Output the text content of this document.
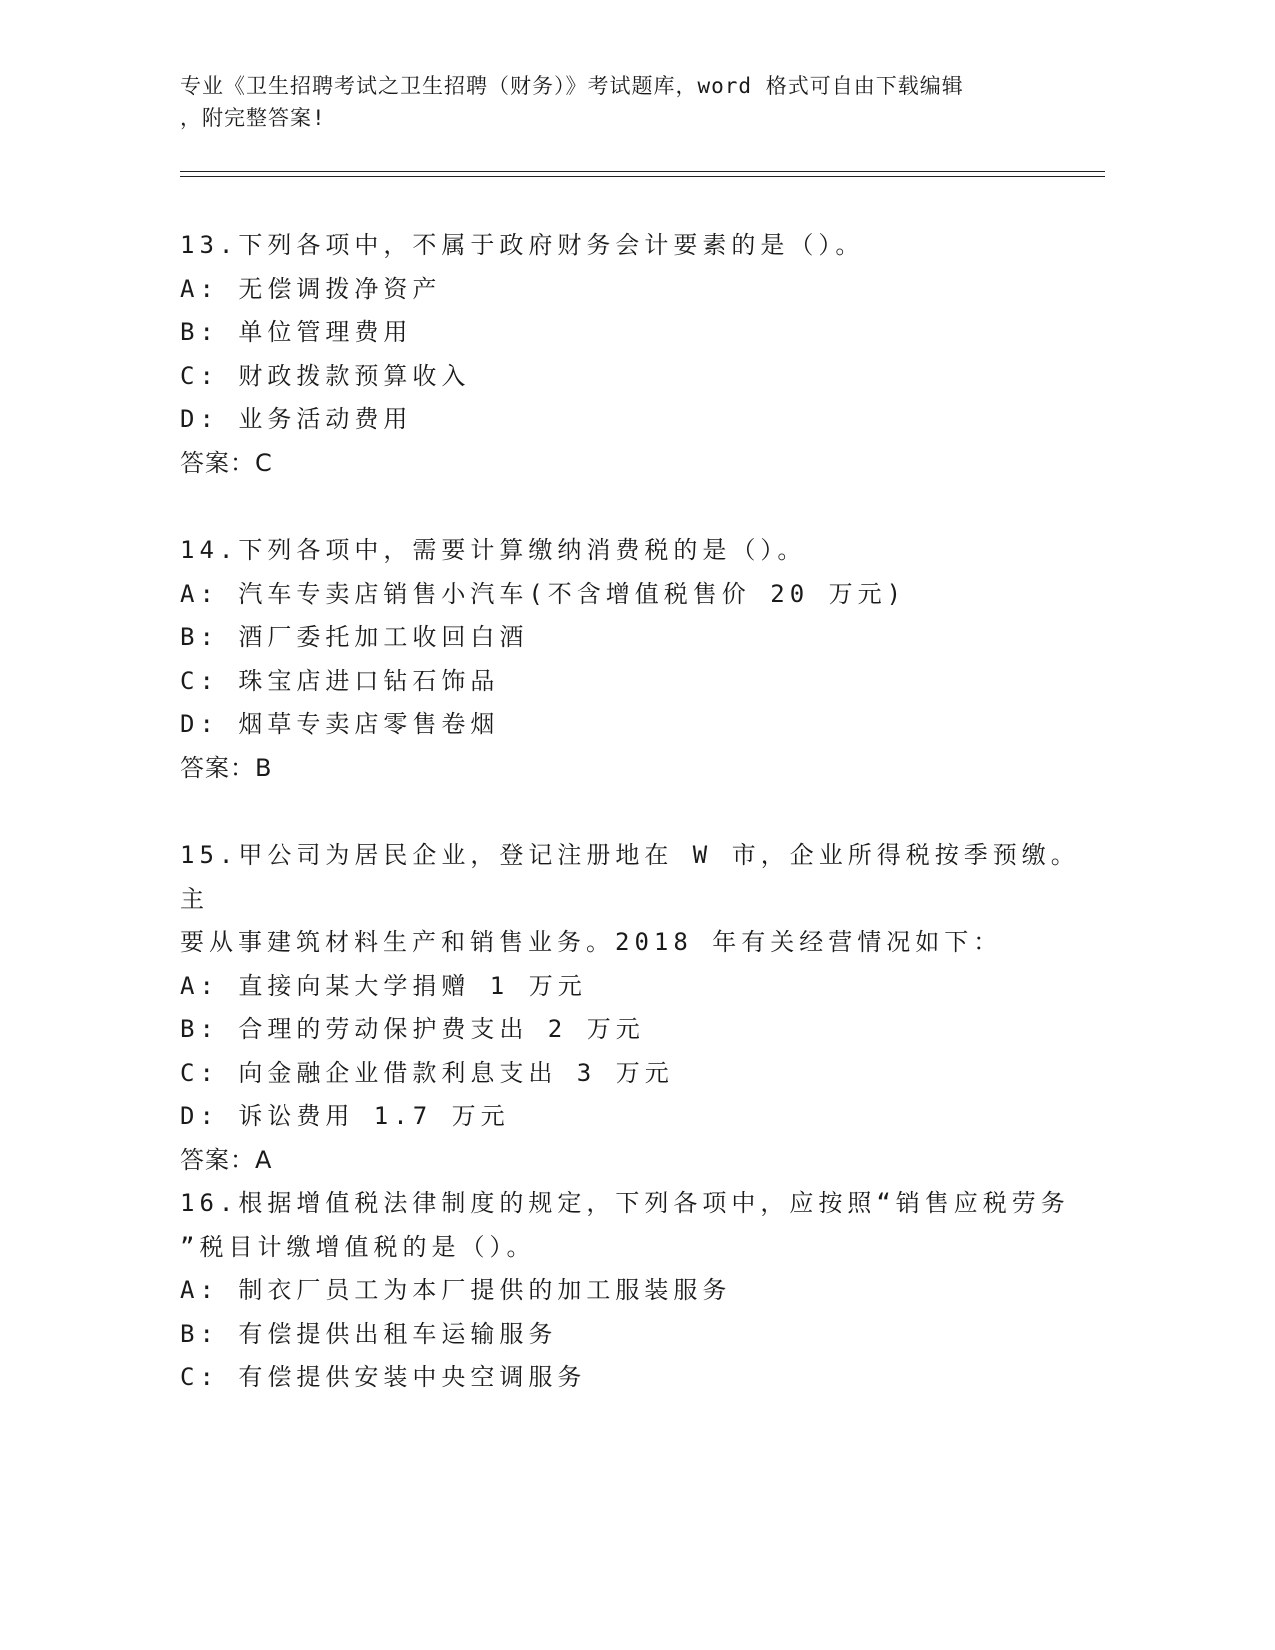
专业《卫生招聘考试之卫生招聘（财务）》考试题库，word 格式可自由下载编辑
，附完整答案!

13.下列各项中，不属于政府财务会计要素的是（）。

A: 无偿调拨净资产

B: 单位管理费用

C: 财政拨款预算收入

D: 业务活动费用

答案：C

14.下列各项中，需要计算缴纳消费税的是（）。

A: 汽车专卖店销售小汽车(不含增值税售价 20 万元)

B: 酒厂委托加工收回白酒

C: 珠宝店进口钻石饰品

D: 烟草专卖店零售卷烟

答案：B

15.甲公司为居民企业，登记注册地在 W 市，企业所得税按季预缴。主

要从事建筑材料生产和销售业务。2018 年有关经营情况如下：

A: 直接向某大学捐赠 1 万元

B: 合理的劳动保护费支出 2 万元

C: 向金融企业借款利息支出 3 万元

D: 诉讼费用 1.7 万元

答案：A

16.根据增值税法律制度的规定，下列各项中，应按照“销售应税劳务

”税目计缴增值税的是（）。

A: 制衣厂员工为本厂提供的加工服装服务

B: 有偿提供出租车运输服务

C: 有偿提供安装中央空调服务
